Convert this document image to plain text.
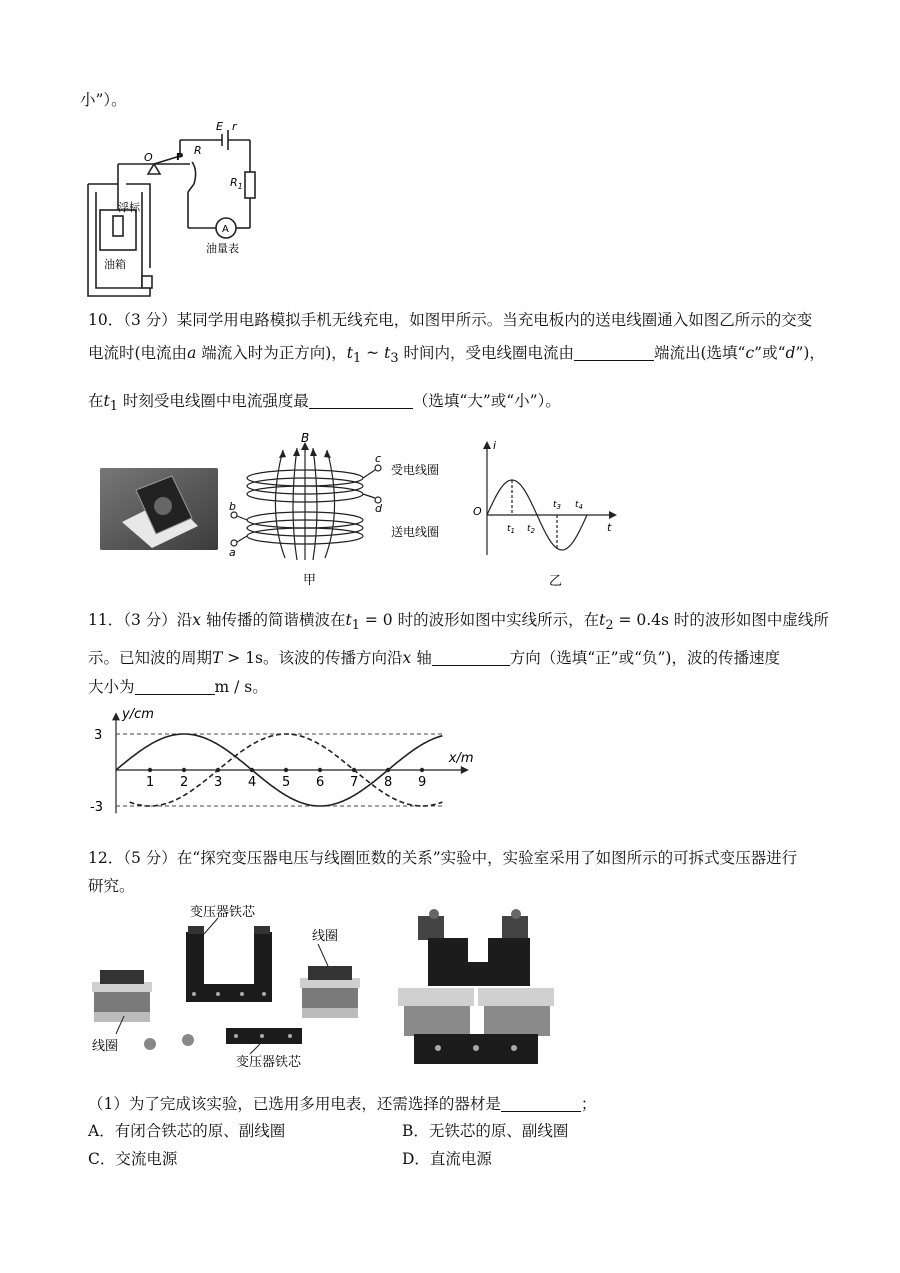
小”）。
浮标
油箱
E r
O P
R
$R_1$
A
油量表
10．（3 分）某同学用电路模拟手机无线充电，如图甲所示。当充电板内的送电线圈通入如图乙所示的交变
电流时(电流由a 端流入时为正方向)，$t_1$ ~ $t_3$ 时间内，受电线圈电流由	端流出(选填“c”或“d”)，
在$t_1$ 时刻受电线圈中电流强度最	（选填“大”或“小”）。
B
c
d
b
a
受电线圈
送电线圈
甲
i
O
t
$t_1$ $t_2$
$t_3$ $t_4$
乙
11．（3 分）沿x 轴传播的简谐横波在$t_1 = 0$ 时的波形如图中实线所示，在$t_2 = 0.4s$ 时的波形如图中虚线所
示。已知波的周期T > 1s。该波的传播方向沿x 轴	方向（选填“正”或“负”)，波的传播速度
大小为	m / s。
1 2 3 4 5 6 7 8 9
3
-3
y/cm
x/m
12．（5 分）在“探究变压器电压与线圈匝数的关系”实验中，实验室采用了如图所示的可拆式变压器进行
研究。
变压器铁芯
线圈
线圈
变压器铁芯
（1）为了完成该实验，已选用多用电表，还需选择的器材是	；
A．有闭合铁芯的原、副线圈	B．无铁芯的原、副线圈
C．交流电源	D．直流电源
